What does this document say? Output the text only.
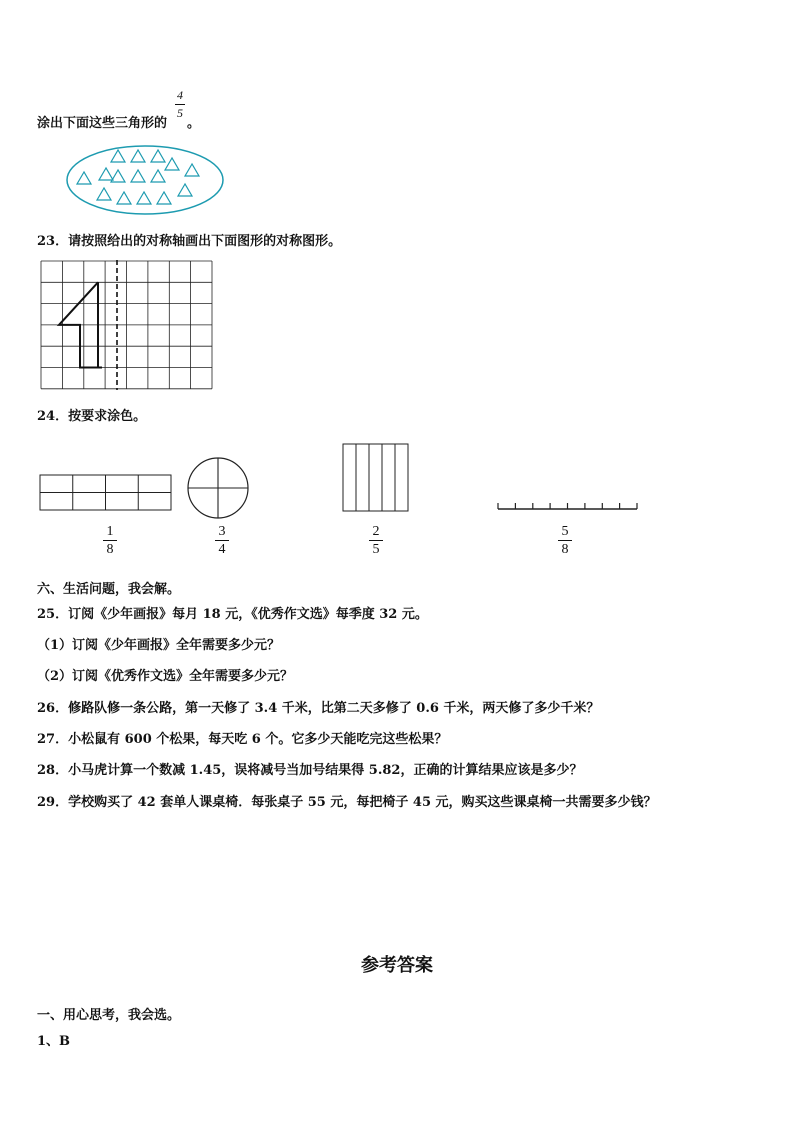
涂出下面这些三角形的
4
5
。
23．请按照给出的对称轴画出下面图形的对称图形。
24．按要求涂色。
1
8
3
4
2
5
5
8
六、生活问题，我会解。
25．订阅《少年画报》每月 18 元，《优秀作文选》每季度 32 元。
（1）订阅《少年画报》全年需要多少元？
（2）订阅《优秀作文选》全年需要多少元？
26．修路队修一条公路，第一天修了 3.4 千米，比第二天多修了 0.6 千米，两天修了多少千米？
27．小松鼠有 600 个松果，每天吃 6 个。它多少天能吃完这些松果？
28．小马虎计算一个数减 1.45，误将减号当加号结果得 5.82，正确的计算结果应该是多少？
29．学校购买了 42 套单人课桌椅．每张桌子 55 元，每把椅子 45 元，购买这些课桌椅一共需要多少钱？
参考答案
一、用心思考，我会选。
1、B
